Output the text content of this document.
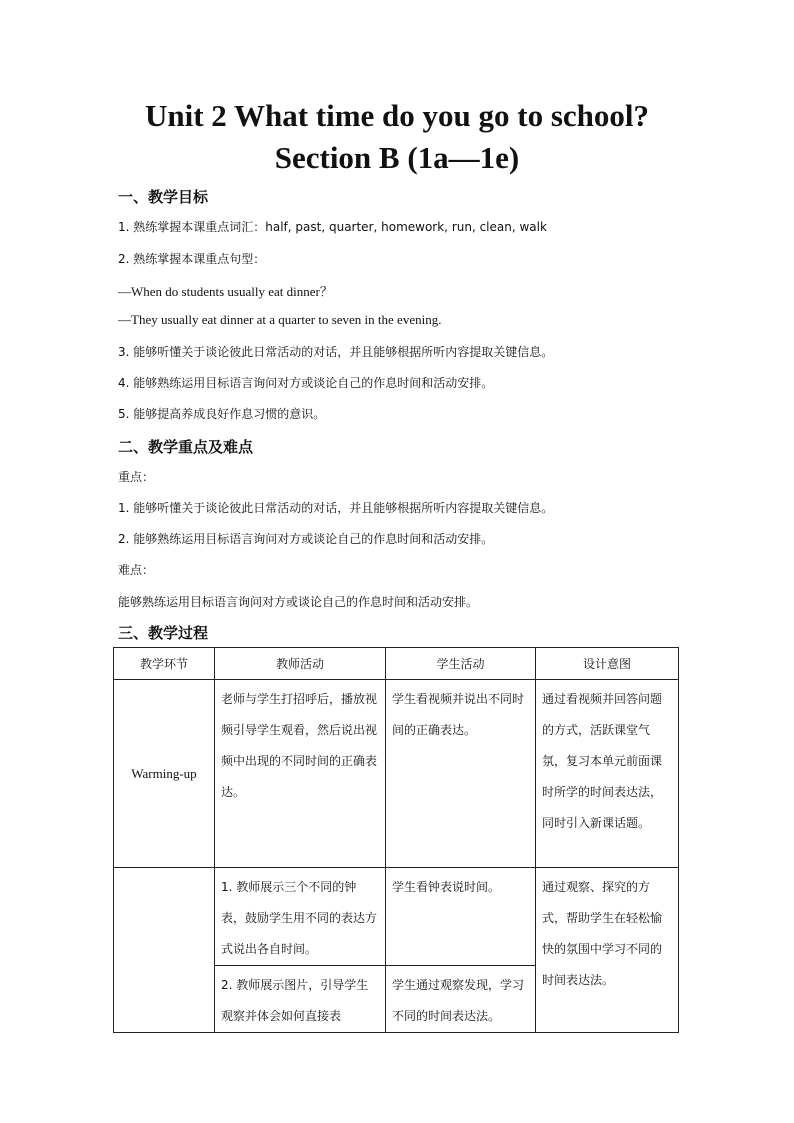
Unit 2 What time do you go to school?
Section B (1a—1e)
一、教学目标
1. 熟练掌握本课重点词汇：half, past, quarter, homework, run, clean, walk
2. 熟练掌握本课重点句型：
—When do students usually eat dinner？
—They usually eat dinner at a quarter to seven in the evening.
3. 能够听懂关于谈论彼此日常活动的对话，并且能够根据所听内容提取关键信息。
4. 能够熟练运用目标语言询问对方或谈论自己的作息时间和活动安排。
5. 能够提高养成良好作息习惯的意识。
二、教学重点及难点
重点：
1. 能够听懂关于谈论彼此日常活动的对话，并且能够根据所听内容提取关键信息。
2. 能够熟练运用目标语言询问对方或谈论自己的作息时间和活动安排。
难点：
能够熟练运用目标语言询问对方或谈论自己的作息时间和活动安排。
三、教学过程
教学环节	教师活动	学生活动	设计意图
Warming-up	老师与学生打招呼后，播放视频引导学生观看，然后说出视频中出现的不同时间的正确表达。	学生看视频并说出不同时间的正确表达。	通过看视频并回答问题的方式，活跃课堂气氛，复习本单元前面课时所学的时间表达法，同时引入新课话题。

	1. 教师展示三个不同的钟表，鼓励学生用不同的表达方式说出各自时间。	学生看钟表说时间。	通过观察、探究的方式，帮助学生在轻松愉快的氛围中学习不同的时间表达法。

	2. 教师展示图片，引导学生观察并体会如何直接表	学生通过观察发现，学习不同的时间表达法。	
